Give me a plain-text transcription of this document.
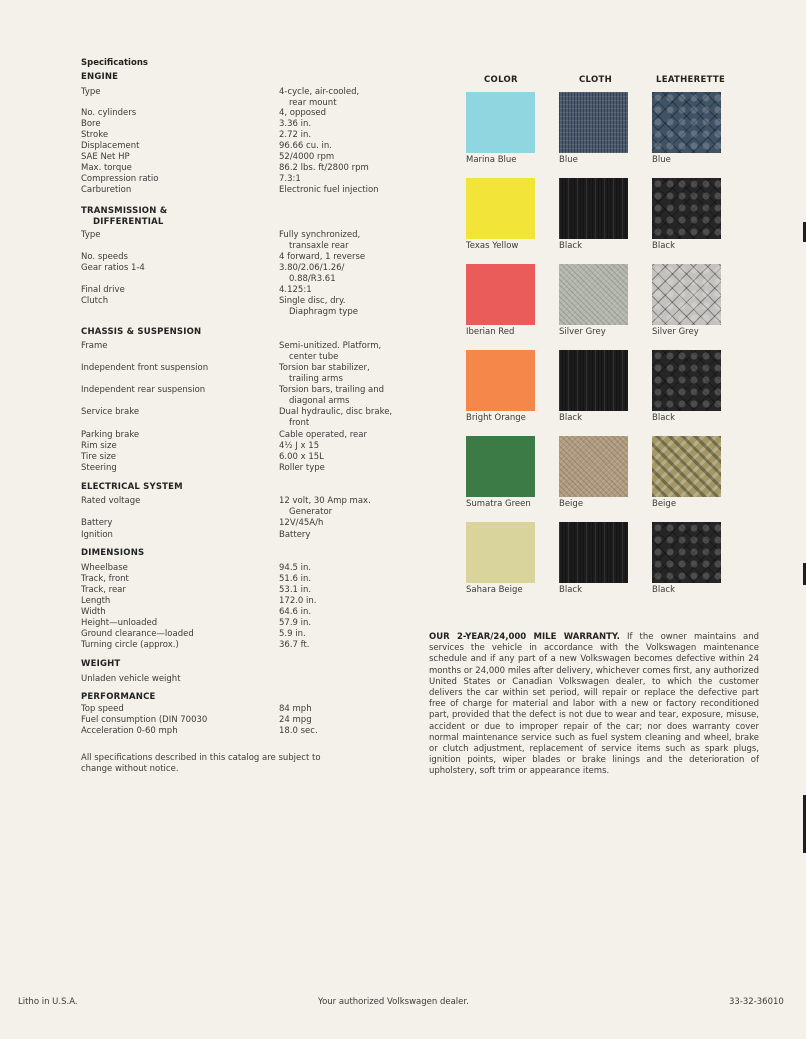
Specifications
ENGINE
Type	4-cycle, air-cooled,
rear mount
No. cylinders	4, opposed
Bore	3.36 in.
Stroke	2.72 in.
Displacement	96.66 cu. in.
SAE Net HP	52/4000 rpm
Max. torque	86.2 lbs. ft/2800 rpm
Compression ratio	7.3:1
Carburetion	Electronic fuel injection
TRANSMISSION &
DIFFERENTIAL
Type	Fully synchronized,
transaxle rear
No. speeds	4 forward, 1 reverse
Gear ratios 1-4	3.80/2.06/1.26/
0.88/R3.61
Final drive	4.125:1
Clutch	Single disc, dry.
Diaphragm type
CHASSIS & SUSPENSION
Frame	Semi-unitized. Platform,
center tube
Independent front suspension	Torsion bar stabilizer,
trailing arms
Independent rear suspension	Torsion bars, trailing and
diagonal arms
Service brake	Dual hydraulic, disc brake,
front
Parking brake	Cable operated, rear
Rim size	4½ J x 15
Tire size	6.00 x 15L
Steering	Roller type
ELECTRICAL SYSTEM
Rated voltage	12 volt, 30 Amp max.
Generator
Battery	12V/45A/h
Ignition	Battery
DIMENSIONS
Wheelbase	94.5 in.
Track, front	51.6 in.
Track, rear	53.1 in.
Length	172.0 in.
Width	64.6 in.
Height—unloaded	57.9 in.
Ground clearance—loaded	5.9 in.
Turning circle (approx.)	36.7 ft.
WEIGHT
Unladen vehicle weight
PERFORMANCE
Top speed	84 mph
Fuel consumption (DIN 70030	24 mpg
Acceleration 0-60 mph	18.0 sec.
All specifications described in this catalog are subject to change without notice.
COLOR	CLOTH	LEATHERETTE
Marina Blue	Blue	Blue
Texas Yellow	Black	Black
Iberian Red	Silver Grey	Silver Grey
Bright Orange	Black	Black
Sumatra Green	Beige	Beige
Sahara Beige	Black	Black
OUR 2-YEAR/24,000 MILE WARRANTY. If the owner maintains and services the vehicle in accordance with the Volkswagen maintenance schedule and if any part of a new Volkswagen becomes defective within 24 months or 24,000 miles after delivery, whichever comes first, any authorized United States or Canadian Volkswagen dealer, to which the customer delivers the car within set period, will repair or replace the defective part free of charge for material and labor with a new or factory reconditioned part, provided that the defect is not due to wear and tear, exposure, misuse, accident or due to improper repair of the car; nor does warranty cover normal maintenance service such as fuel system cleaning and wheel, brake or clutch adjustment, replacement of service items such as spark plugs, ignition points, wiper blades or brake linings and the deterioration of upholstery, soft trim or appearance items.
Litho in U.S.A.	Your authorized Volkswagen dealer.	33-32-36010
